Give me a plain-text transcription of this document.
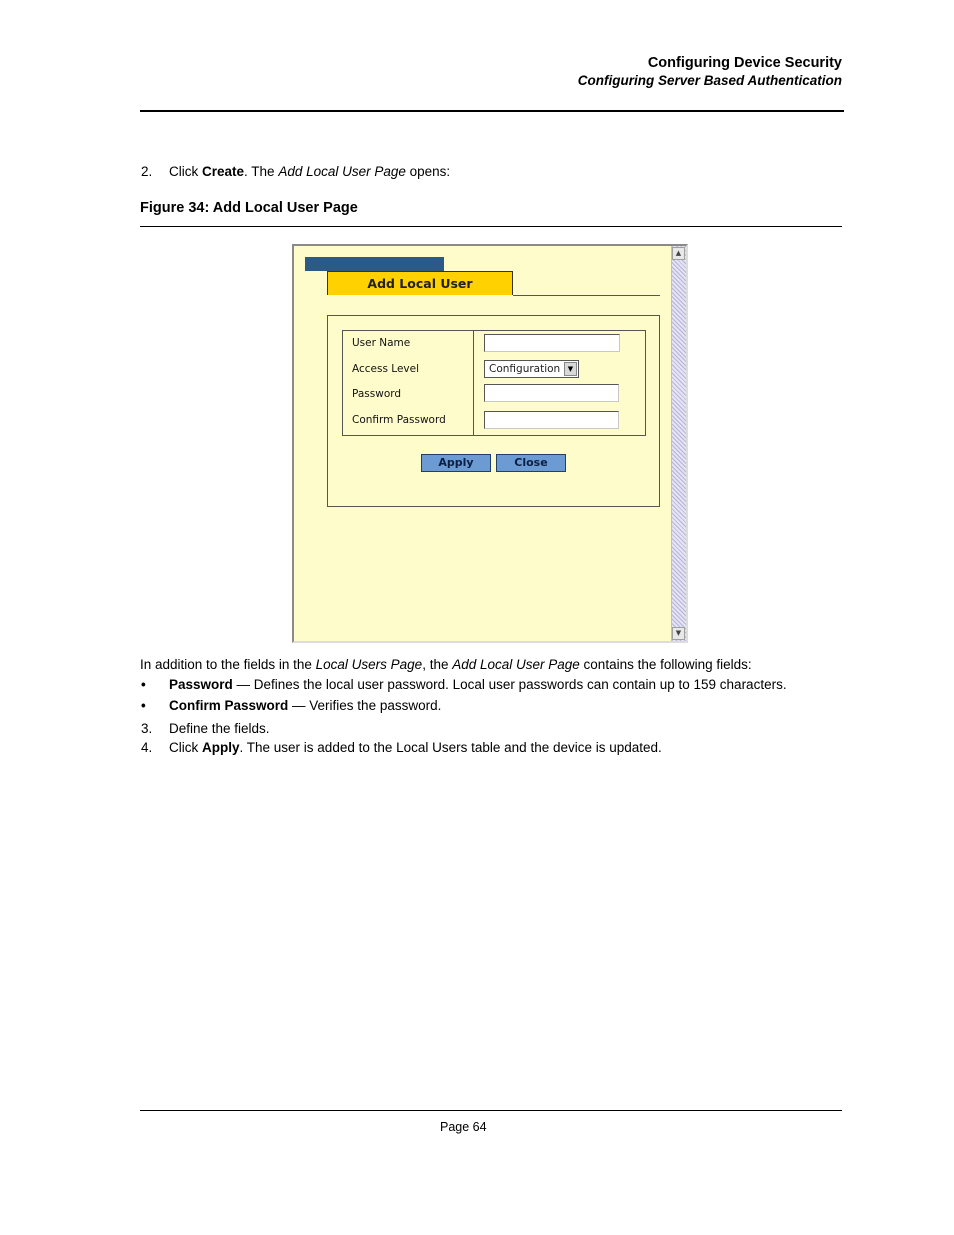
Configuring Device Security
Configuring Server Based Authentication
2. Click Create. The Add Local User Page opens:
Figure 34: Add Local User Page
Add Local User
User Name
Access Level	Configuration	▼
Password
Confirm Password
Apply	Close
▲
▼
In addition to the fields in the Local Users Page, the Add Local User Page contains the following fields:
• Password — Defines the local user password. Local user passwords can contain up to 159 characters.
• Confirm Password — Verifies the password.
3. Define the fields.
4. Click Apply. The user is added to the Local Users table and the device is updated.
Page 64
